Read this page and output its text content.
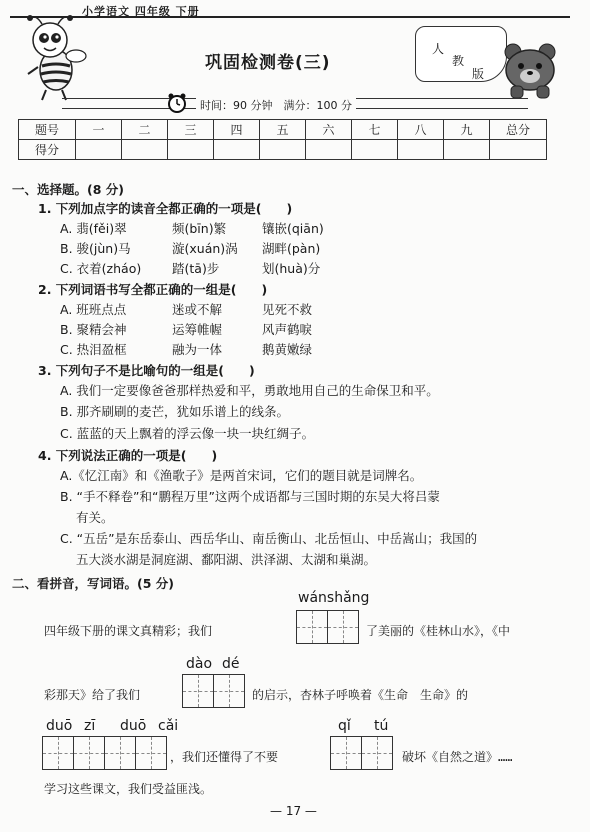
小学语文 四年级 下册
巩固检测卷(三)
人
教
版
时间：90 分钟　满分：100 分
题号	一	二	三	四	五	六	七	八	九	总分
得分										
一、选择题。(8 分)
1. 下列加点字的读音全都正确的一项是(　　)
A. 翡(fěi)翠	频(bīn)繁	镶嵌(qiān)
B. 骏(jùn)马	漩(xuán)涡 湖畔(pàn)
C. 衣着(zháo) 踏(tā)步	划(huà)分
2. 下列词语书写全都正确的一组是(　　)
A. 班班点点	迷或不解	见死不救
B. 聚精会神	运筹帷幄	风声鹤唳
C. 热泪盈框	融为一体	鹅黄嫩绿
3. 下列句子不是比喻句的一组是(　　)
A. 我们一定要像爸爸那样热爱和平，勇敢地用自己的生命保卫和平。
B. 那齐刷刷的麦芒，犹如乐谱上的线条。
C. 蓝蓝的天上飘着的浮云像一块一块红绸子。
4. 下列说法正确的一项是(　　)
A.《忆江南》和《渔歌子》是两首宋词，它们的题目就是词牌名。
B. “手不释卷”和“鹏程万里”这两个成语都与三国时期的东吴大将吕蒙
有关。
C. “五岳”是东岳泰山、西岳华山、南岳衡山、北岳恒山、中岳嵩山；我国的
五大淡水湖是洞庭湖、鄱阳湖、洪泽湖、太湖和巢湖。
二、看拼音，写词语。(5 分)
wánshǎng
四年级下册的课文真精彩；我们	了美丽的《桂林山水》，《中
dào dé
彩那天》给了我们	的启示，杏林子呼唤着《生命　生命》的
duō zī duō cǎi
，我们还懂得了不要
qǐ tú
破坏《自然之道》……
学习这些课文，我们受益匪浅。
— 17 —
